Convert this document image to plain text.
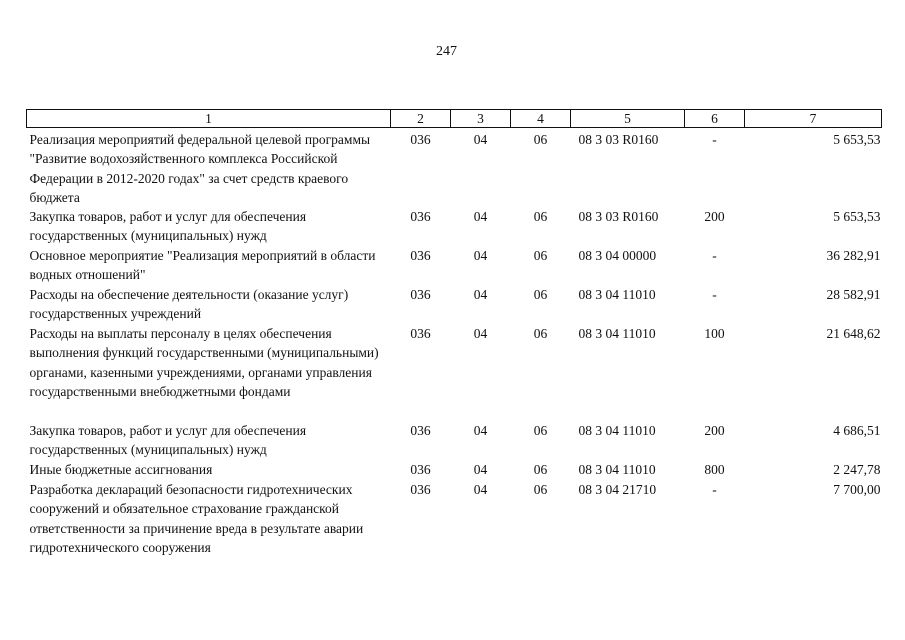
247
1	2	3	4	5	6	7
Реализация мероприятий федеральной целевой программы "Развитие водохозяйственного комплекса Российской Федерации в 2012-2020 годах" за счет средств краевого бюджета	036	04	06	08 3 03 R0160	-	5 653,53
Закупка товаров, работ и услуг для обеспечения государственных (муниципальных) нужд	036	04	06	08 3 03 R0160	200	5 653,53
Основное мероприятие "Реализация мероприятий в области водных отношений"	036	04	06	08 3 04 00000	-	36 282,91
Расходы на обеспечение деятельности (оказание услуг) государственных учреждений	036	04	06	08 3 04 11010	-	28 582,91
Расходы на выплаты персоналу в целях обеспечения выполнения функций государственными (муниципальными) органами, казенными учреждениями, органами управления государственными внебюджетными фондами	036	04	06	08 3 04 11010	100	21 648,62
Закупка товаров, работ и услуг для обеспечения государственных (муниципальных) нужд	036	04	06	08 3 04 11010	200	4 686,51
Иные бюджетные ассигнования	036	04	06	08 3 04 11010	800	2 247,78
Разработка деклараций безопасности гидротехнических сооружений и обязательное страхование гражданской ответственности за причинение вреда в результате аварии гидротехнического сооружения	036	04	06	08 3 04 21710	-	7 700,00
